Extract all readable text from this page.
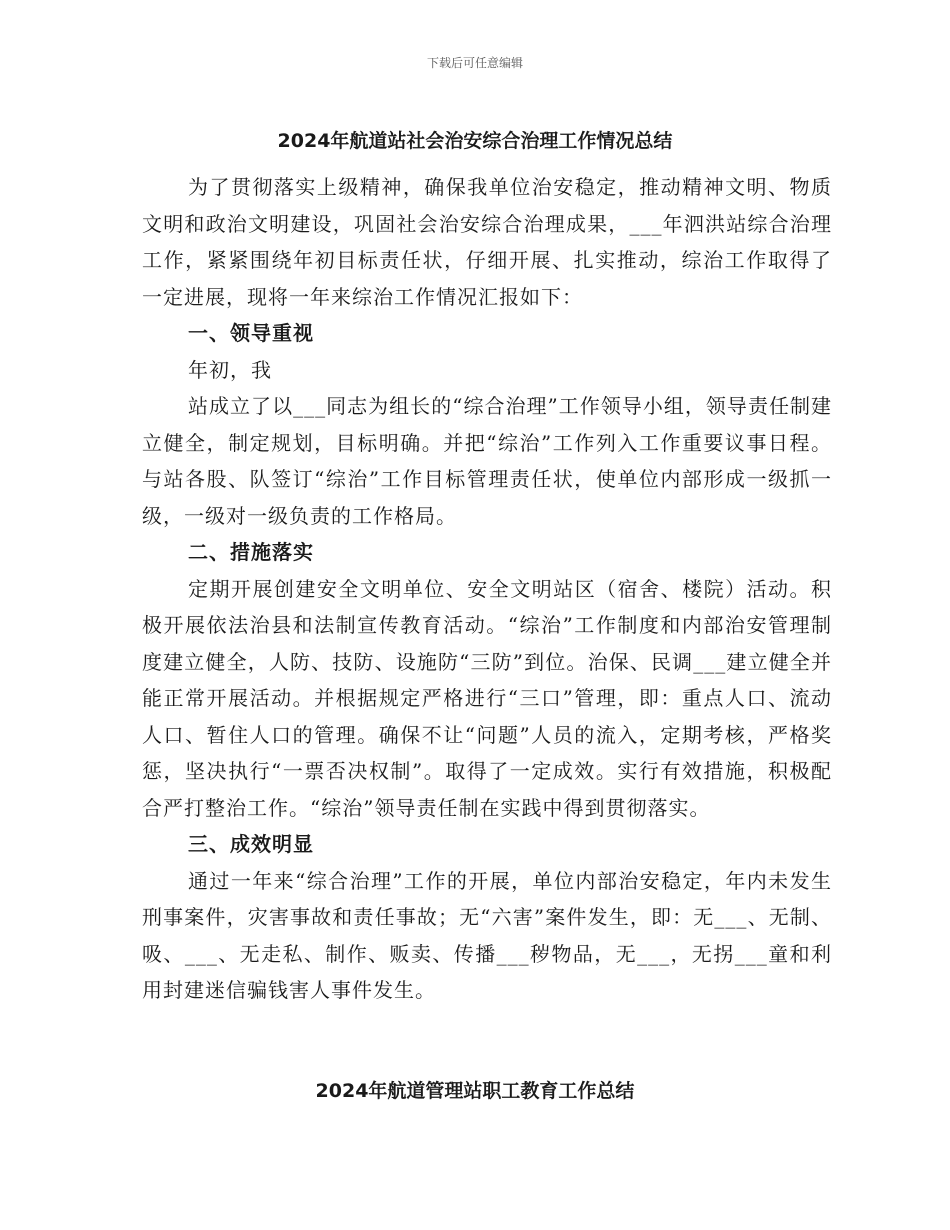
下载后可任意编辑
2024年航道站社会治安综合治理工作情况总结

为了贯彻落实上级精神，确保我单位治安稳定，推动精神文明、物质文明和政治文明建设，巩固社会治安综合治理成果，___年泗洪站综合治理工作，紧紧围绕年初目标责任状，仔细开展、扎实推动，综治工作取得了一定进展，现将一年来综治工作情况汇报如下：

一、领导重视

年初，我

站成立了以___同志为组长的“综合治理”工作领导小组，领导责任制建立健全，制定规划，目标明确。并把“综治”工作列入工作重要议事日程。与站各股、队签订“综治”工作目标管理责任状，使单位内部形成一级抓一级，一级对一级负责的工作格局。

二、措施落实

定期开展创建安全文明单位、安全文明站区（宿舍、楼院）活动。积极开展依法治县和法制宣传教育活动。“综治”工作制度和内部治安管理制度建立健全，人防、技防、设施防“三防”到位。治保、民调___建立健全并能正常开展活动。并根据规定严格进行“三口”管理，即：重点人口、流动人口、暂住人口的管理。确保不让“问题”人员的流入，定期考核，严格奖惩，坚决执行“一票否决权制”。取得了一定成效。实行有效措施，积极配合严打整治工作。“综治”领导责任制在实践中得到贯彻落实。

三、成效明显

通过一年来“综合治理”工作的开展，单位内部治安稳定，年内未发生刑事案件，灾害事故和责任事故；无“六害”案件发生，即：无___、无制、吸、___、无走私、制作、贩卖、传播___秽物品，无___，无拐___童和利用封建迷信骗钱害人事件发生。

2024年航道管理站职工教育工作总结
